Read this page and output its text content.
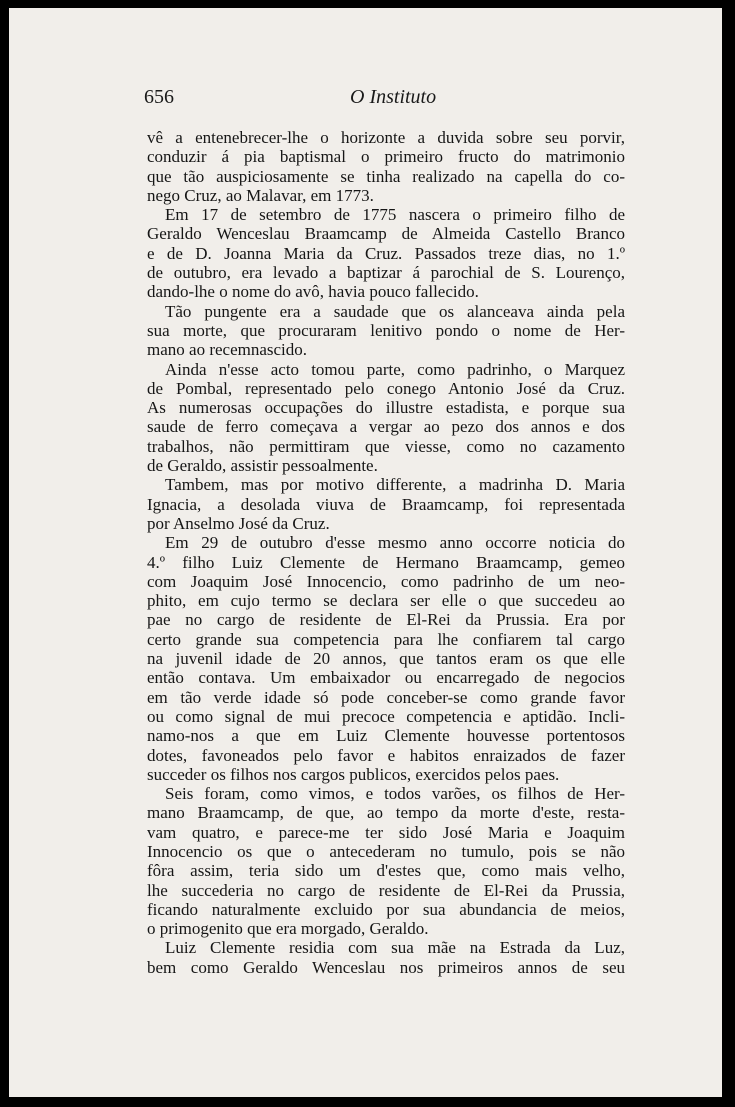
656	O Instituto
vê a entenebrecer-lhe o horizonte a duvida sobre seu porvir,
conduzir á pia baptismal o primeiro fructo do matrimonio
que tão auspiciosamente se tinha realizado na capella do co-
nego Cruz, ao Malavar, em 1773.
Em 17 de setembro de 1775 nascera o primeiro filho de
Geraldo Wenceslau Braamcamp de Almeida Castello Branco
e de D. Joanna Maria da Cruz. Passados treze dias, no 1.º
de outubro, era levado a baptizar á parochial de S. Lourenço,
dando-lhe o nome do avô, havia pouco fallecido.
Tão pungente era a saudade que os alanceava ainda pela
sua morte, que procuraram lenitivo pondo o nome de Her-
mano ao recemnascido.
Ainda n'esse acto tomou parte, como padrinho, o Marquez
de Pombal, representado pelo conego Antonio José da Cruz.
As numerosas occupações do illustre estadista, e porque sua
saude de ferro começava a vergar ao pezo dos annos e dos
trabalhos, não permittiram que viesse, como no cazamento
de Geraldo, assistir pessoalmente.
Tambem, mas por motivo differente, a madrinha D. Maria
Ignacia, a desolada viuva de Braamcamp, foi representada
por Anselmo José da Cruz.
Em 29 de outubro d'esse mesmo anno occorre noticia do
4.º filho Luiz Clemente de Hermano Braamcamp, gemeo
com Joaquim José Innocencio, como padrinho de um neo-
phito, em cujo termo se declara ser elle o que succedeu ao
pae no cargo de residente de El-Rei da Prussia. Era por
certo grande sua competencia para lhe confiarem tal cargo
na juvenil idade de 20 annos, que tantos eram os que elle
então contava. Um embaixador ou encarregado de negocios
em tão verde idade só pode conceber-se como grande favor
ou como signal de mui precoce competencia e aptidão. Incli-
namo-nos a que em Luiz Clemente houvesse portentosos
dotes, favoneados pelo favor e habitos enraizados de fazer
succeder os filhos nos cargos publicos, exercidos pelos paes.
Seis foram, como vimos, e todos varões, os filhos de Her-
mano Braamcamp, de que, ao tempo da morte d'este, resta-
vam quatro, e parece-me ter sido José Maria e Joaquim
Innocencio os que o antecederam no tumulo, pois se não
fôra assim, teria sido um d'estes que, como mais velho,
lhe succederia no cargo de residente de El-Rei da Prussia,
ficando naturalmente excluido por sua abundancia de meios,
o primogenito que era morgado, Geraldo.
Luiz Clemente residia com sua mãe na Estrada da Luz,
bem como Geraldo Wenceslau nos primeiros annos de seu
